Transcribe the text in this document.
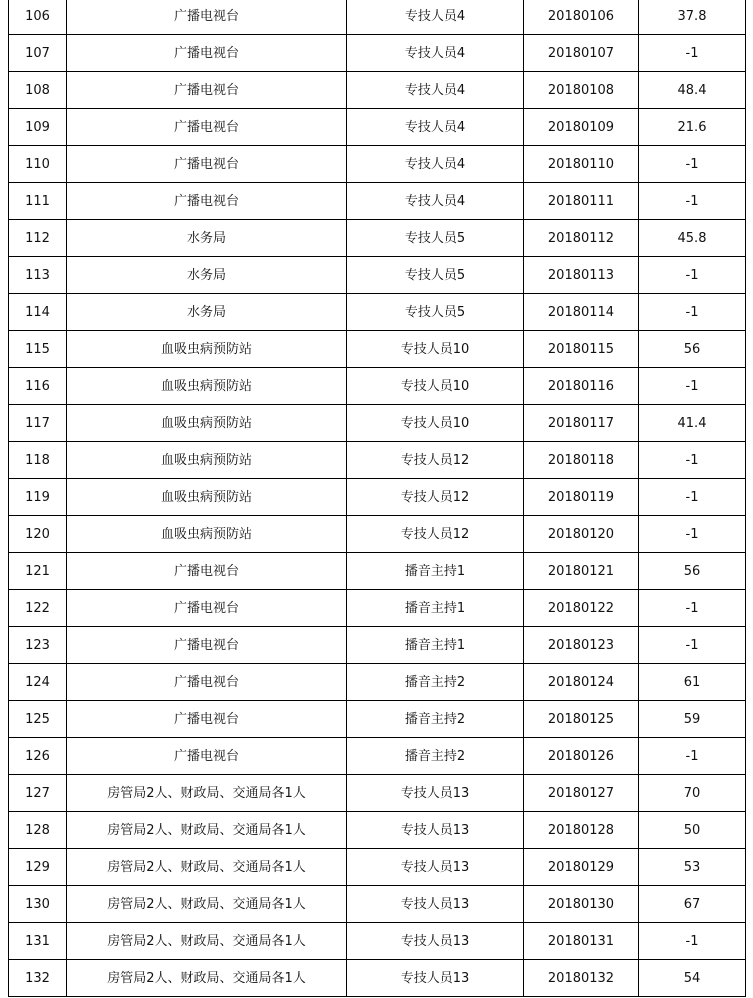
106	广播电视台	专技人员4	20180106	37.8
107	广播电视台	专技人员4	20180107	-1
108	广播电视台	专技人员4	20180108	48.4
109	广播电视台	专技人员4	20180109	21.6
110	广播电视台	专技人员4	20180110	-1
111	广播电视台	专技人员4	20180111	-1
112	水务局	专技人员5	20180112	45.8
113	水务局	专技人员5	20180113	-1
114	水务局	专技人员5	20180114	-1
115	血吸虫病预防站	专技人员10	20180115	56
116	血吸虫病预防站	专技人员10	20180116	-1
117	血吸虫病预防站	专技人员10	20180117	41.4
118	血吸虫病预防站	专技人员12	20180118	-1
119	血吸虫病预防站	专技人员12	20180119	-1
120	血吸虫病预防站	专技人员12	20180120	-1
121	广播电视台	播音主持1	20180121	56
122	广播电视台	播音主持1	20180122	-1
123	广播电视台	播音主持1	20180123	-1
124	广播电视台	播音主持2	20180124	61
125	广播电视台	播音主持2	20180125	59
126	广播电视台	播音主持2	20180126	-1
127	房管局2人、财政局、交通局各1人	专技人员13	20180127	70
128	房管局2人、财政局、交通局各1人	专技人员13	20180128	50
129	房管局2人、财政局、交通局各1人	专技人员13	20180129	53
130	房管局2人、财政局、交通局各1人	专技人员13	20180130	67
131	房管局2人、财政局、交通局各1人	专技人员13	20180131	-1
132	房管局2人、财政局、交通局各1人	专技人员13	20180132	54
